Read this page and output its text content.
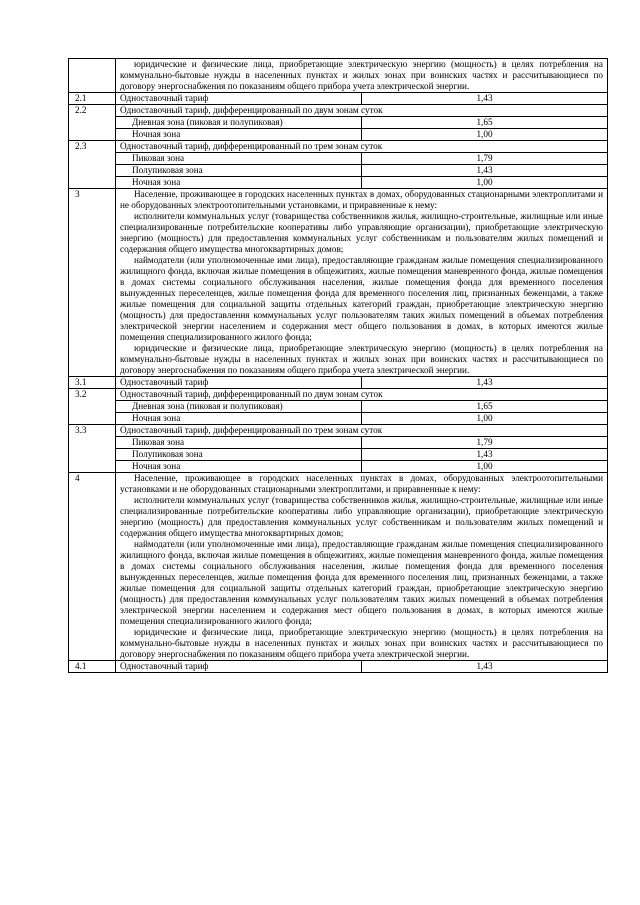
	юридические и физические лица, приобретающие электрическую энергию (мощность) в целях потребления на коммунально-бытовые нужды в населенных пунктах и жилых зонах при воинских частях и рассчитывающиеся по договору энергоснабжения по показаниям общего прибора учета электрической энергии.	

2.1	Одноставочный тариф	1,43
2.2	Одноставочный тариф, дифференцированный по двум зонам суток	
	Дневная зона (пиковая и полупиковая)	1,65
	Ночная зона	1,00
2.3	Одноставочный тариф, дифференцированный по трем зонам суток	
	Пиковая зона	1,79
	Полупиковая зона	1,43
	Ночная зона	1,00
3	Население, проживающее в городских населенных пунктах в домах, оборудованных стационарными электроплитами и не оборудованных электроотопительными установками, и приравненные к нему:

исполнители коммунальных услуг (товарищества собственников жилья, жилищно-строительные, жилищные или иные специализированные потребительские кооперативы либо управляющие организации), приобретающие электрическую энергию (мощность) для предоставления коммунальных услуг собственникам и пользователям жилых помещений и содержания общего имущества многоквартирных домов;

наймодатели (или уполномоченные ими лица), предоставляющие гражданам жилые помещения специализированного жилищного фонда, включая жилые помещения в общежитиях, жилые помещения маневренного фонда, жилые помещения в домах системы социального обслуживания населения, жилые помещения фонда для временного поселения вынужденных переселенцев, жилые помещения фонда для временного поселения лиц, признанных беженцами, а также жилые помещения для социальной защиты отдельных категорий граждан, приобретающие электрическую энергию (мощность) для предоставления коммунальных услуг пользователям таких жилых помещений в объемах потребления электрической энергии населением и содержания мест общего пользования в домах, в которых имеются жилые помещения специализированного жилого фонда;

юридические и физические лица, приобретающие электрическую энергию (мощность) в целях потребления на коммунально-бытовые нужды в населенных пунктах и жилых зонах при воинских частях и рассчитывающиеся по договору энергоснабжения по показаниям общего прибора учета электрической энергии.	

3.1	Одноставочный тариф	1,43
3.2	Одноставочный тариф, дифференцированный по двум зонам суток	
	Дневная зона (пиковая и полупиковая)	1,65
	Ночная зона	1,00
3.3	Одноставочный тариф, дифференцированный по трем зонам суток	
	Пиковая зона	1,79
	Полупиковая зона	1,43
	Ночная зона	1,00
4	Население, проживающее в городских населенных пунктах в домах, оборудованных электроотопительными установками и не оборудованных стационарными электроплитами, и приравненные к нему:

исполнители коммунальных услуг (товарищества собственников жилья, жилищно-строительные, жилищные или иные специализированные потребительские кооперативы либо управляющие организации), приобретающие электрическую энергию (мощность) для предоставления коммунальных услуг собственникам и пользователям жилых помещений и содержания общего имущества многоквартирных домов;

наймодатели (или уполномоченные ими лица), предоставляющие гражданам жилые помещения специализированного жилищного фонда, включая жилые помещения в общежитиях, жилые помещения маневренного фонда, жилые помещения в домах системы социального обслуживания населения, жилые помещения фонда для временного поселения вынужденных переселенцев, жилые помещения фонда для временного поселения лиц, признанных беженцами, а также жилые помещения для социальной защиты отдельных категорий граждан, приобретающие электрическую энергию (мощность) для предоставления коммунальных услуг пользователям таких жилых помещений в объемах потребления электрической энергии населением и содержания мест общего пользования в домах, в которых имеются жилые помещения специализированного жилого фонда;

юридические и физические лица, приобретающие электрическую энергию (мощность) в целях потребления на коммунально-бытовые нужды в населенных пунктах и жилых зонах при воинских частях и рассчитывающиеся по договору энергоснабжения по показаниям общего прибора учета электрической энергии.	

4.1	Одноставочный тариф	1,43
